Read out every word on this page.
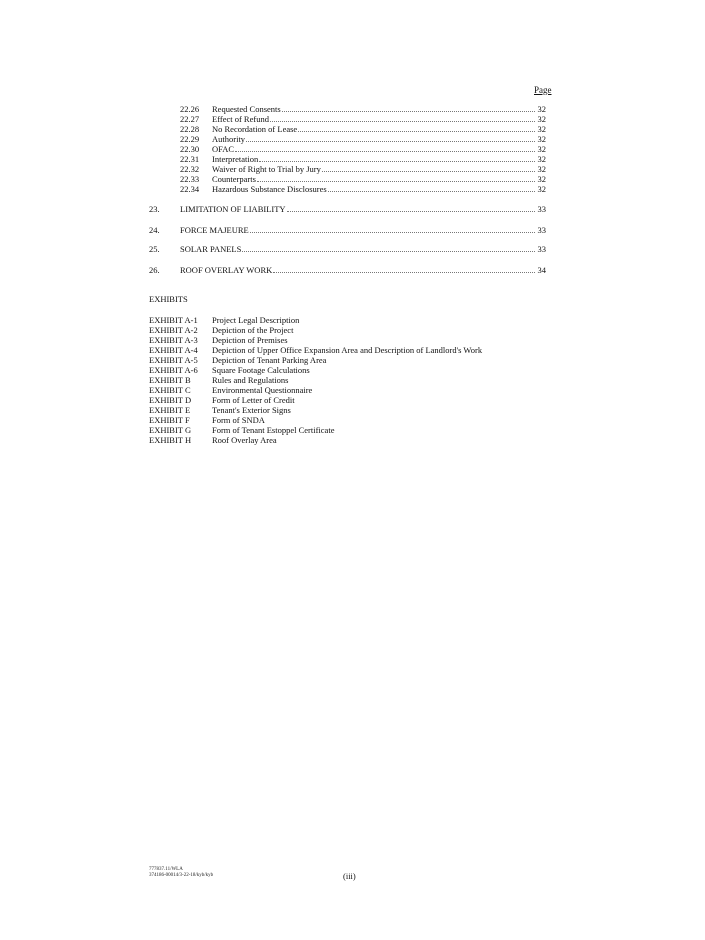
Page
22.26	Requested Consents	32
22.27	Effect of Refund	32
22.28	No Recordation of Lease	32
22.29	Authority	32
22.30	OFAC	32
22.31	Interpretation	32
22.32	Waiver of Right to Trial by Jury	32
22.33	Counterparts	32
22.34	Hazardous Substance Disclosures	32
23.	LIMITATION OF LIABILITY	33
24.	FORCE MAJEURE	33
25.	SOLAR PANELS	33
26.	ROOF OVERLAY WORK	34
EXHIBITS
EXHIBIT A-1	Project Legal Description
EXHIBIT A-2	Depiction of the Project
EXHIBIT A-3	Depiction of Premises
EXHIBIT A-4	Depiction of Upper Office Expansion Area and Description of Landlord's Work
EXHIBIT A-5	Depiction of Tenant Parking Area
EXHIBIT A-6	Square Footage Calculations
EXHIBIT B	Rules and Regulations
EXHIBIT C	Environmental Questionnaire
EXHIBIT D	Form of Letter of Credit
EXHIBIT E	Tenant's Exterior Signs
EXHIBIT F	Form of SNDA
EXHIBIT G	Form of Tenant Estoppel Certificate
EXHIBIT H	Roof Overlay Area
777837.11/WLA
374186-00014/3-22-18/kyb/kyb	(iii)
